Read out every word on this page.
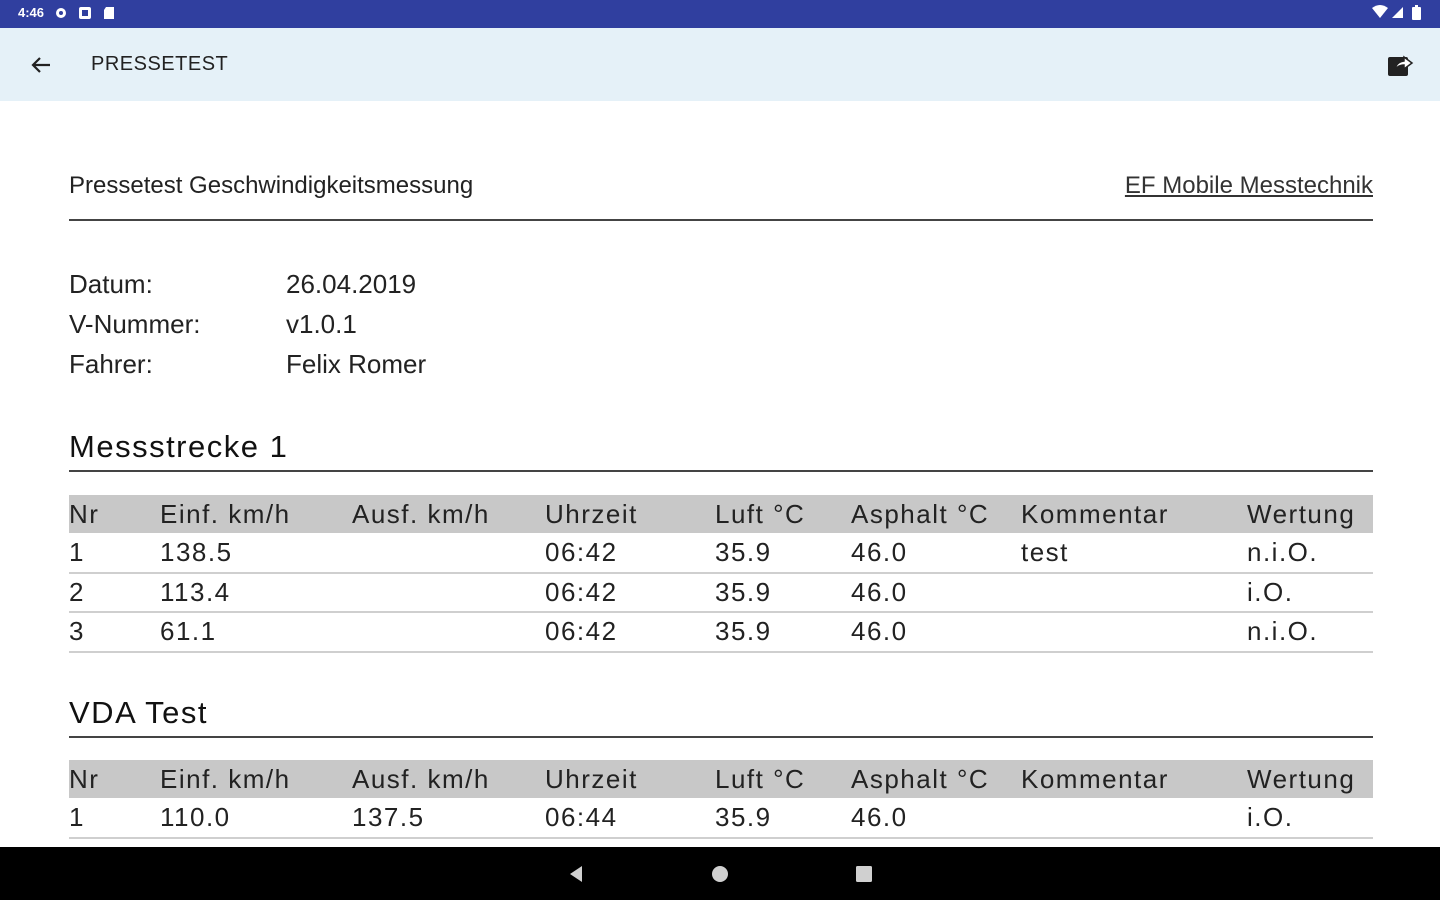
4:46
PRESSETEST
Pressetest Geschwindigkeitsmessung	EF Mobile Messtechnik
Datum:	26.04.2019
V-Nummer:	v1.0.1
Fahrer:	Felix Romer
Messstrecke 1
Nr	Einf. km/h	Ausf. km/h	Uhrzeit	Luft °C	Asphalt °C	Kommentar	Wertung
1	138.5		06:42	35.9	46.0	test	n.i.O.
2	113.4		06:42	35.9	46.0		i.O.
3	61.1		06:42	35.9	46.0		n.i.O.
VDA Test
Nr	Einf. km/h	Ausf. km/h	Uhrzeit	Luft °C	Asphalt °C	Kommentar	Wertung
1	110.0	137.5	06:44	35.9	46.0		i.O.
